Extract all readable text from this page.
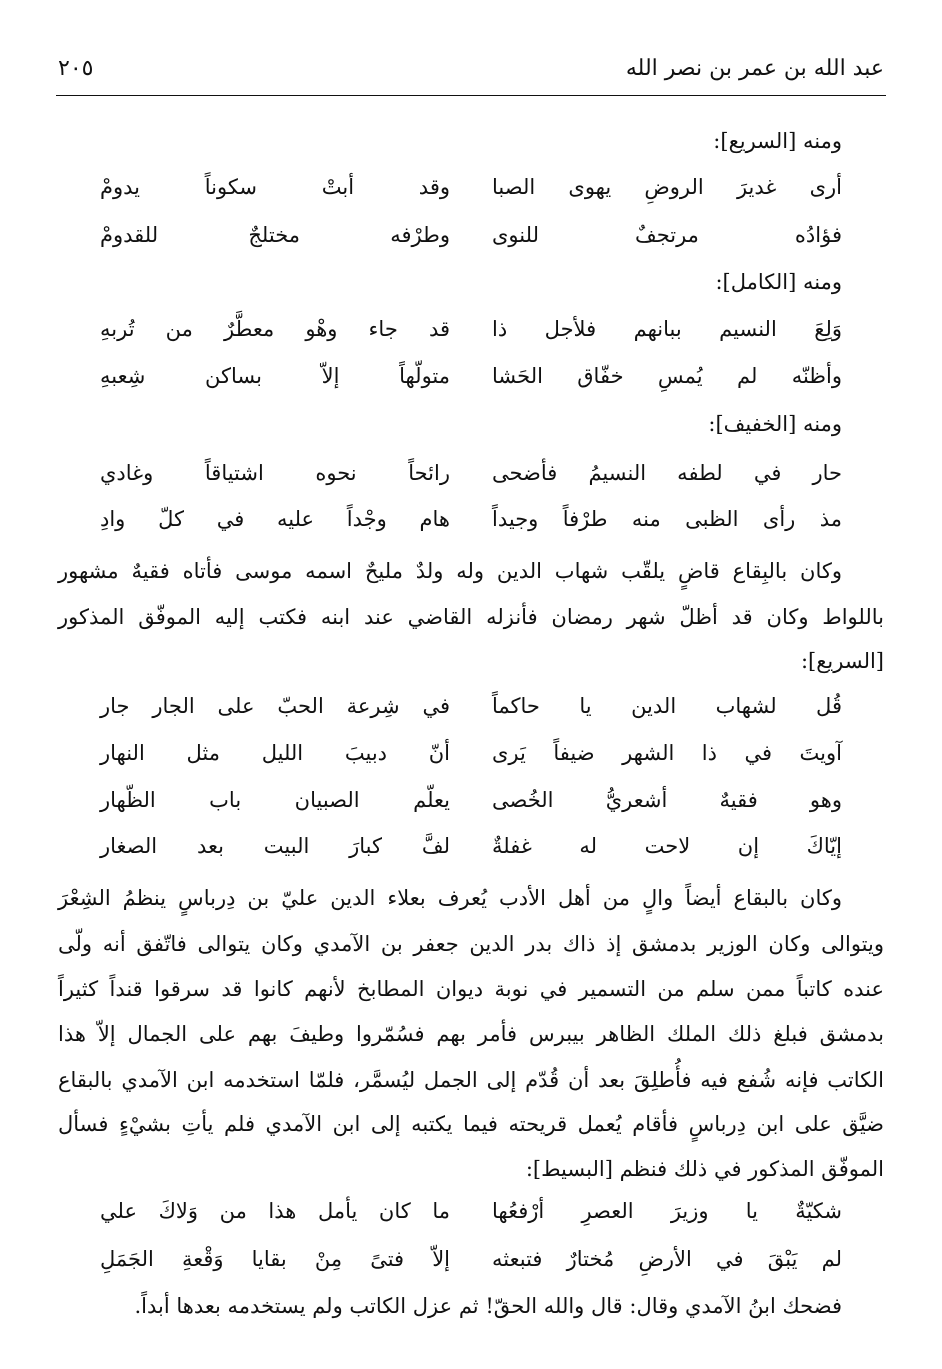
عبد الله بن عمر بن نصر الله
٢٠٥
ومنه [السريع]:
أرى غديرَ الروضِ يهوى الصبا
وقد أبتْ سكوناً يدومْ
فؤادُه مرتجفٌ للنوى
وطرْفه مختلجٌ للقدومْ
ومنه [الكامل]:
وَلِعَ النسيم ببانهم فلأجل ذا
قد جاء وهْو معطَّرٌ من تُربهِ
وأظنّه لم يُمسِ خفّاق الحَشا
متولّهاً إلاّ بساكن شِعبهِ
ومنه [الخفيف]:
حار في لطفه النسيمُ فأضحى
رائحاً نحوه اشتياقاً وغادي
مذ رأى الظبى منه طرْفاً وجيداً
هام وجْداً عليه في كلّ وادِ
وكان بالبِقاع قاضٍ يلقّب شهاب الدين وله ولدٌ مليحٌ اسمه موسى فأتاه فقيهٌ مشهور
باللواط وكان قد أظلّ شهر رمضان فأنزله القاضي عند ابنه فكتب إليه الموفّق المذكور
[السريع]:
قُل لشهاب الدين يا حاكماً
في شِرعة الحبّ على الجار جار
آويتَ في ذا الشهر ضيفاً يَرى
أنّ دبيبَ الليل مثل النهار
وهو فقيهٌ أشعريُّ الخُصى
يعلّم الصبيان باب الظّهار
إيّاكَ إن لاحت له غفلةٌ
لفَّ كبارَ البيت بعد الصغار
وكان بالبقاع أيضاً والٍ من أهل الأدب يُعرف بعلاء الدين عليّ بن دِرباسٍ ينظمُ الشِعْرَ
ويتوالى وكان الوزير بدمشق إذ ذاك بدر الدين جعفر بن الآمدي وكان يتوالى فاتّفق أنه ولّى
عنده كاتباً ممن سلم من التسمير في نوبة ديوان المطابخ لأنهم كانوا قد سرقوا قنداً كثيراً
بدمشق فبلغ ذلك الملك الظاهر بيبرس فأمر بهم فسُمّروا وطيفَ بهم على الجمال إلاّ هذا
الكاتب فإنه شُفع فيه فأُطلِقَ بعد أن قُدّم إلى الجمل ليُسمَّر، فلمّا استخدمه ابن الآمدي بالبقاع
ضيَّق على ابن دِرباسٍ فأقام يُعمل قريحته فيما يكتبه إلى ابن الآمدي فلم يأتِ بشيْءٍ فسأل
الموفّق المذكور في ذلك فنظم [البسيط]:
شكيّةٌ يا وزيرَ العصرِ أرْفعُها
ما كان يأمل هذا من وَلاكَ علي
لم يَبْقَ في الأرضِ مُختارٌ فتبعثه
إلاّ فتىً مِنْ بقايا وَقْعةِ الجَمَلِ
فضحك ابنُ الآمدي وقال: قال والله الحقّ! ثم عزل الكاتب ولم يستخدمه بعدها أبداً.
